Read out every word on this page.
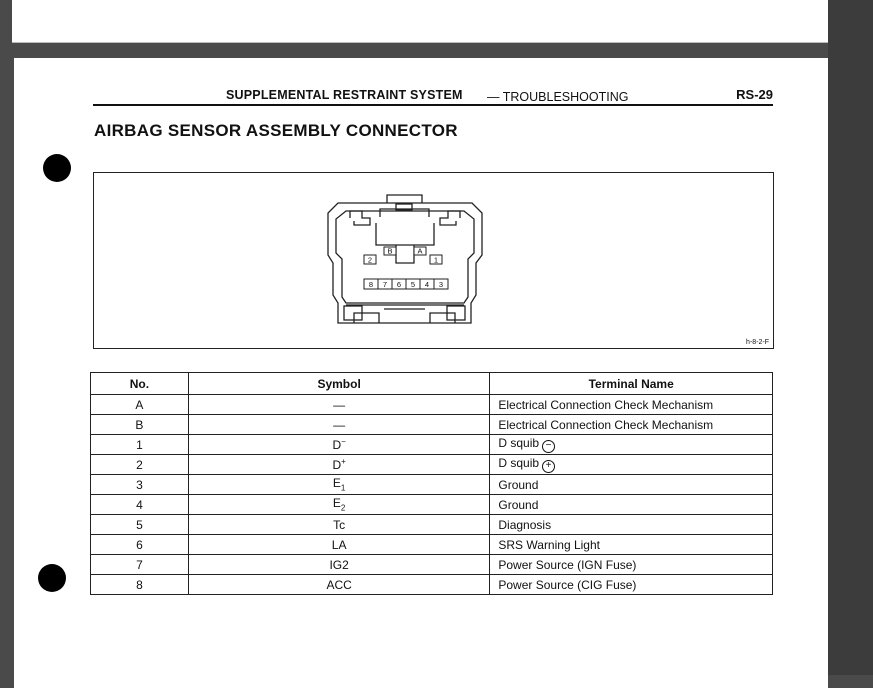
SUPPLEMENTAL RESTRAINT SYSTEM — TROUBLESHOOTING	RS-29
AIRBAG SENSOR ASSEMBLY CONNECTOR
2	1
B	A
8 7 6 5 4 3
h-8-2-F
No.	Symbol	Terminal Name
A	—	Electrical Connection Check Mechanism
B	—	Electrical Connection Check Mechanism
1	D−	D squib −
2	D+	D squib +
3	$E_1$	Ground
4	$E_2$	Ground
5	Tc	Diagnosis
6	LA	SRS Warning Light
7	IG2	Power Source (IGN Fuse)
8	ACC	Power Source (CIG Fuse)
